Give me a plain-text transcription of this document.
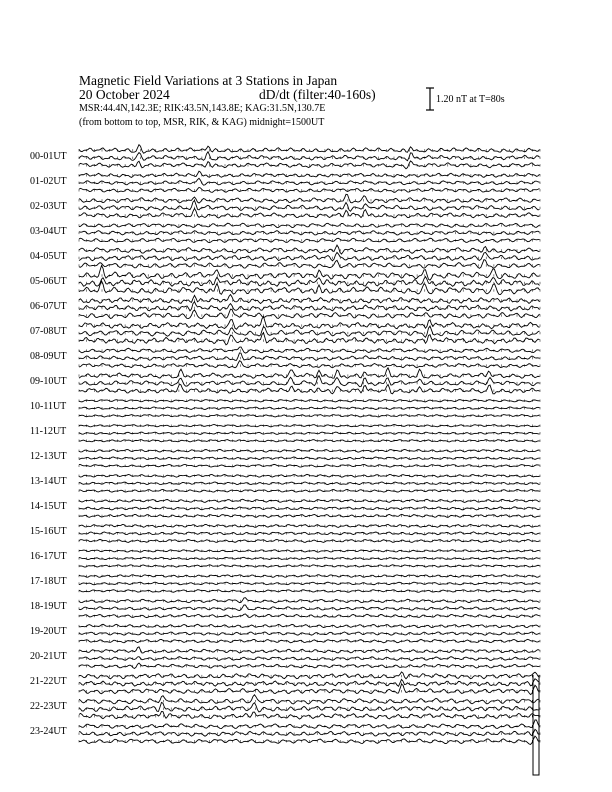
Magnetic Field Variations at 3 Stations in Japan
20 October 2024	dD/dt (filter:40-160s)
MSR:44.4N,142.3E; RIK:43.5N,143.8E; KAG:31.5N,130.7E
(from bottom to top, MSR, RIK, & KAG) midnight=1500UT
1.20 nT at T=80s
00-01UT
01-02UT
02-03UT
03-04UT
04-05UT
05-06UT
06-07UT
07-08UT
08-09UT
09-10UT
10-11UT
11-12UT
12-13UT
13-14UT
14-15UT
15-16UT
16-17UT
17-18UT
18-19UT
19-20UT
20-21UT
21-22UT
22-23UT
23-24UT
